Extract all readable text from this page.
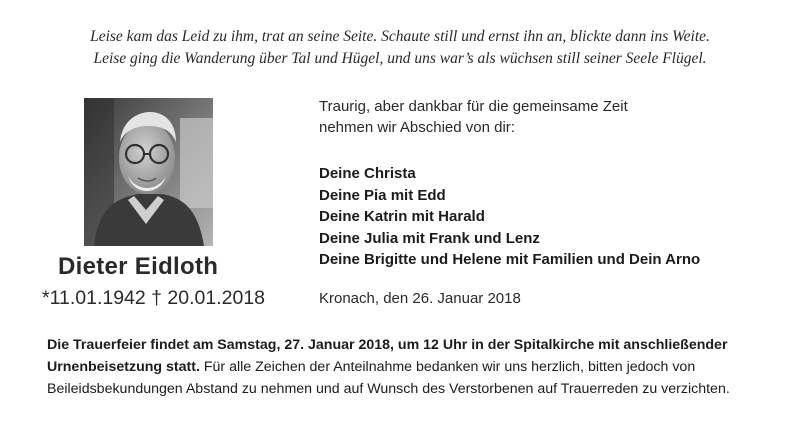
Leise kam das Leid zu ihm, trat an seine Seite. Schaute still und ernst ihn an, blickte dann ins Weite.
Leise ging die Wanderung über Tal und Hügel, und uns war’s als wüchsen still seiner Seele Flügel.
Dieter Eidloth
*11.01.1942 † 20.01.2018
Traurig, aber dankbar für die gemeinsame Zeit
nehmen wir Abschied von dir:
Deine Christa
Deine Pia mit Edd
Deine Katrin mit Harald
Deine Julia mit Frank und Lenz
Deine Brigitte und Helene mit Familien und Dein Arno
Kronach, den 26. Januar 2018
Die Trauerfeier findet am Samstag, 27. Januar 2018, um 12 Uhr in der Spitalkirche mit anschließender
Urnenbeisetzung statt. Für alle Zeichen der Anteilnahme bedanken wir uns herzlich, bitten jedoch von
Beileidsbekundungen Abstand zu nehmen und auf Wunsch des Verstorbenen auf Trauerreden zu verzichten.
